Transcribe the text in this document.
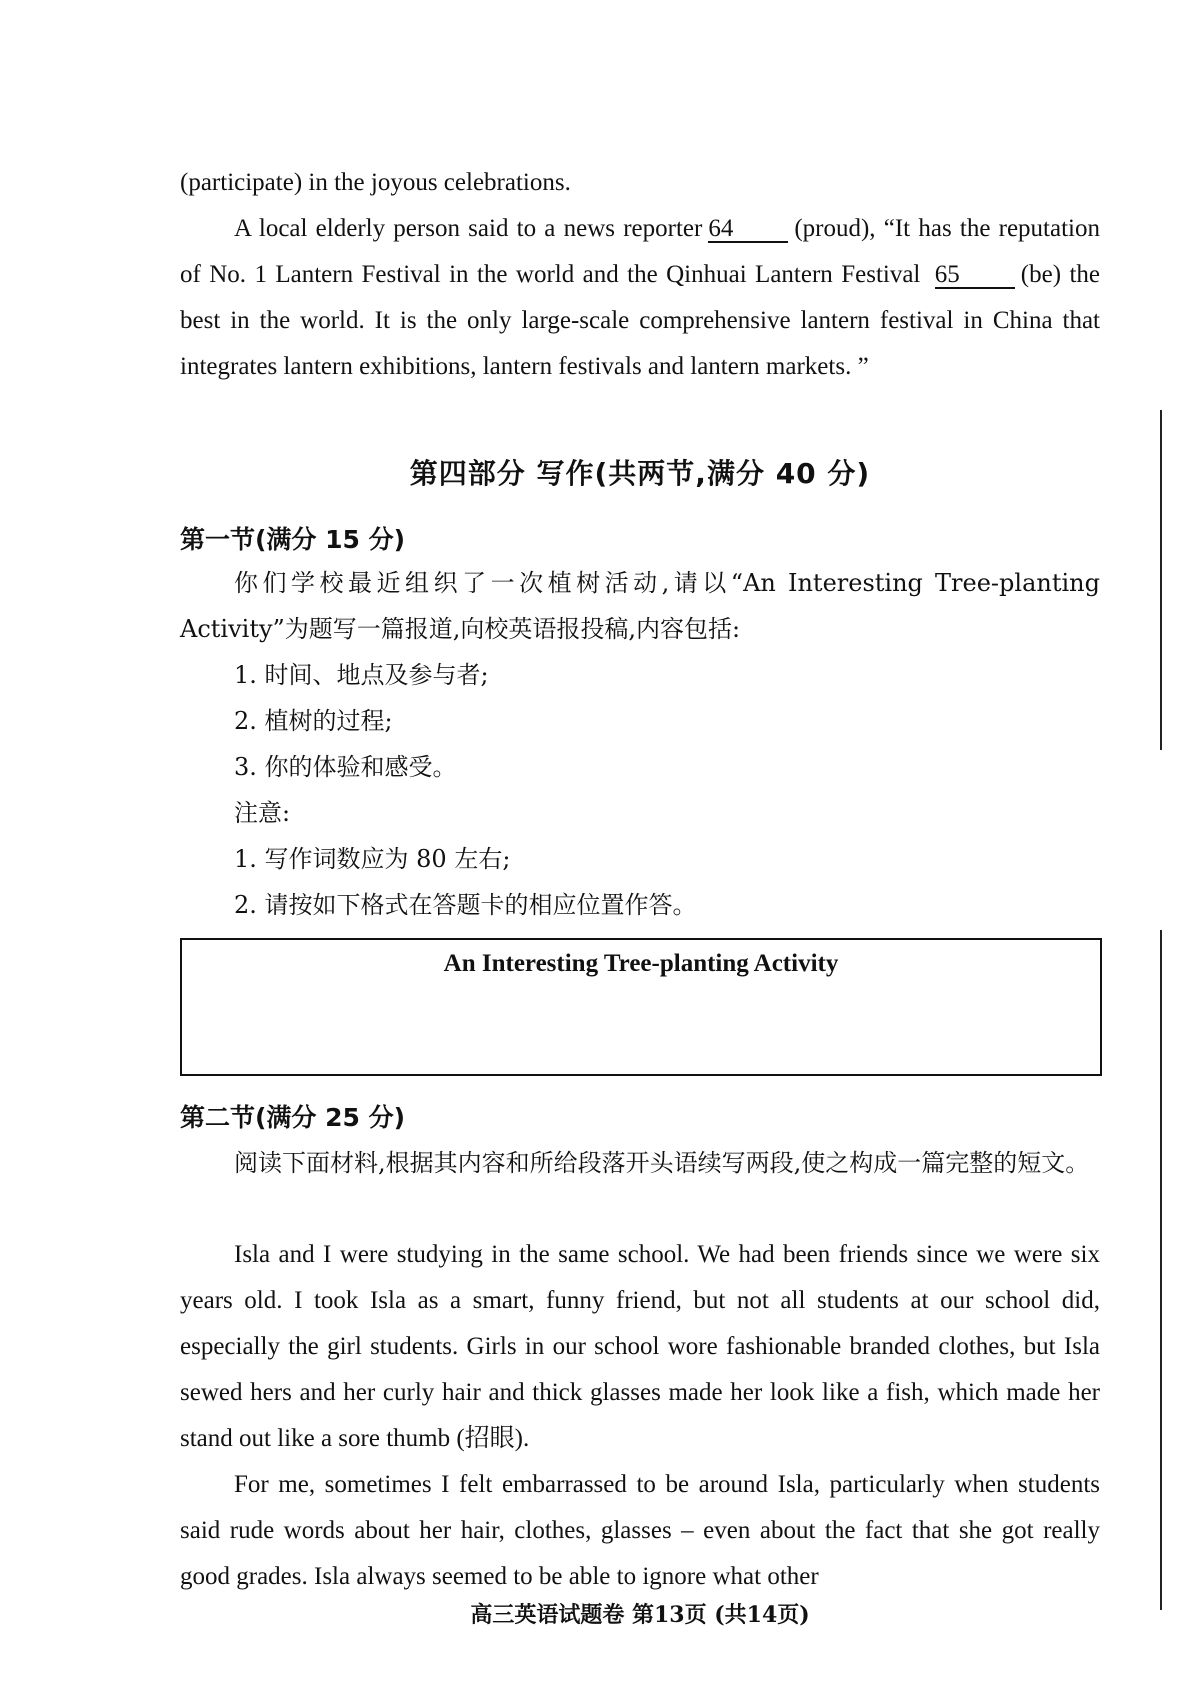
(participate) in the joyous celebrations.

A local elderly person said to a news reporter 64 (proud), “It has the reputation of No. 1 Lantern Festival in the world and the Qinhuai Lantern Festival 65 (be) the best in the world. It is the only large-scale comprehensive lantern festival in China that integrates lantern exhibitions, lantern festivals and lantern markets. ”

第四部分 写作(共两节,满分 40 分)
第一节(满分 15 分)

你们学校最近组织了一次植树活动,请以“An Interesting Tree-planting Activity”为题写一篇报道,向校英语报投稿,内容包括:

1. 时间、地点及参与者;

2. 植树的过程;

3. 你的体验和感受。

注意:

1. 写作词数应为 80 左右;

2. 请按如下格式在答题卡的相应位置作答。

An Interesting Tree-planting Activity
第二节(满分 25 分)

阅读下面材料,根据其内容和所给段落开头语续写两段,使之构成一篇完整的短文。

Isla and I were studying in the same school. We had been friends since we were six years old. I took Isla as a smart, funny friend, but not all students at our school did, especially the girl students. Girls in our school wore fashionable branded clothes, but Isla sewed hers and her curly hair and thick glasses made her look like a fish, which made her stand out like a sore thumb (招眼).

For me, sometimes I felt embarrassed to be around Isla, particularly when students said rude words about her hair, clothes, glasses – even about the fact that she got really good grades. Isla always seemed to be able to ignore what other

高三英语试题卷 第13页 (共14页)
